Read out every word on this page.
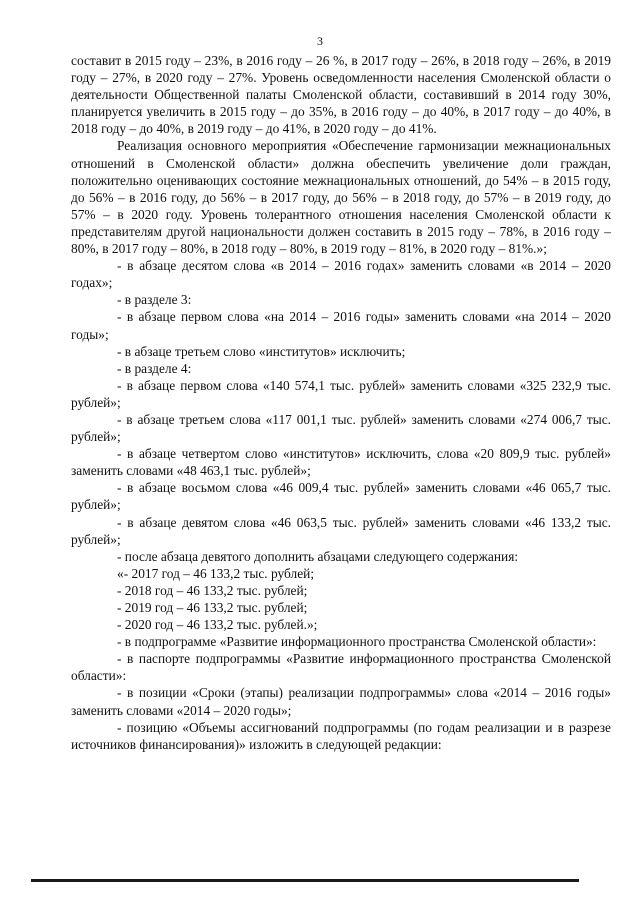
3

составит в 2015 году – 23%, в 2016 году – 26 %, в 2017 году – 26%, в 2018 году – 26%, в 2019 году – 27%, в 2020 году – 27%. Уровень осведомленности населения Смоленской области о деятельности Общественной палаты Смоленской области, составивший в 2014 году 30%, планируется увеличить в 2015 году – до 35%, в 2016 году – до 40%, в 2017 году – до 40%, в 2018 году – до 40%, в 2019 году – до 41%, в 2020 году – до 41%.

Реализация основного мероприятия «Обеспечение гармонизации межнациональных отношений в Смоленской области» должна обеспечить увеличение доли граждан, положительно оценивающих состояние межнациональных отношений, до 54% – в 2015 году, до 56% – в 2016 году, до 56% – в 2017 году, до 56% – в 2018 году, до 57% – в 2019 году, до 57% – в 2020 году. Уровень толерантного отношения населения Смоленской области к представителям другой национальности должен составить в 2015 году – 78%, в 2016 году – 80%, в 2017 году – 80%, в 2018 году – 80%, в 2019 году – 81%, в 2020 году – 81%.»;

- в абзаце десятом слова «в 2014 – 2016 годах» заменить словами «в 2014 – 2020 годах»;

- в разделе 3:

- в абзаце первом слова «на 2014 – 2016 годы» заменить словами «на 2014 – 2020 годы»;

- в абзаце третьем слово «институтов» исключить;

- в разделе 4:

- в абзаце первом слова «140 574,1 тыс. рублей» заменить словами «325 232,9 тыс. рублей»;

- в абзаце третьем слова «117 001,1 тыс. рублей» заменить словами «274 006,7 тыс. рублей»;

- в абзаце четвертом слово «институтов» исключить, слова «20 809,9 тыс. рублей» заменить словами «48 463,1 тыс. рублей»;

- в абзаце восьмом слова «46 009,4 тыс. рублей» заменить словами «46 065,7 тыс. рублей»;

- в абзаце девятом слова «46 063,5 тыс. рублей» заменить словами «46 133,2 тыс. рублей»;

- после абзаца девятого дополнить абзацами следующего содержания:

«- 2017 год – 46 133,2 тыс. рублей;

- 2018 год – 46 133,2 тыс. рублей;

- 2019 год – 46 133,2 тыс. рублей;

- 2020 год – 46 133,2 тыс. рублей.»;

- в подпрограмме «Развитие информационного пространства Смоленской области»:

- в паспорте подпрограммы «Развитие информационного пространства Смоленской области»:

- в позиции «Сроки (этапы) реализации подпрограммы» слова «2014 – 2016 годы» заменить словами «2014 – 2020 годы»;

- позицию «Объемы ассигнований подпрограммы (по годам реализации и в разрезе источников финансирования)» изложить в следующей редакции:
